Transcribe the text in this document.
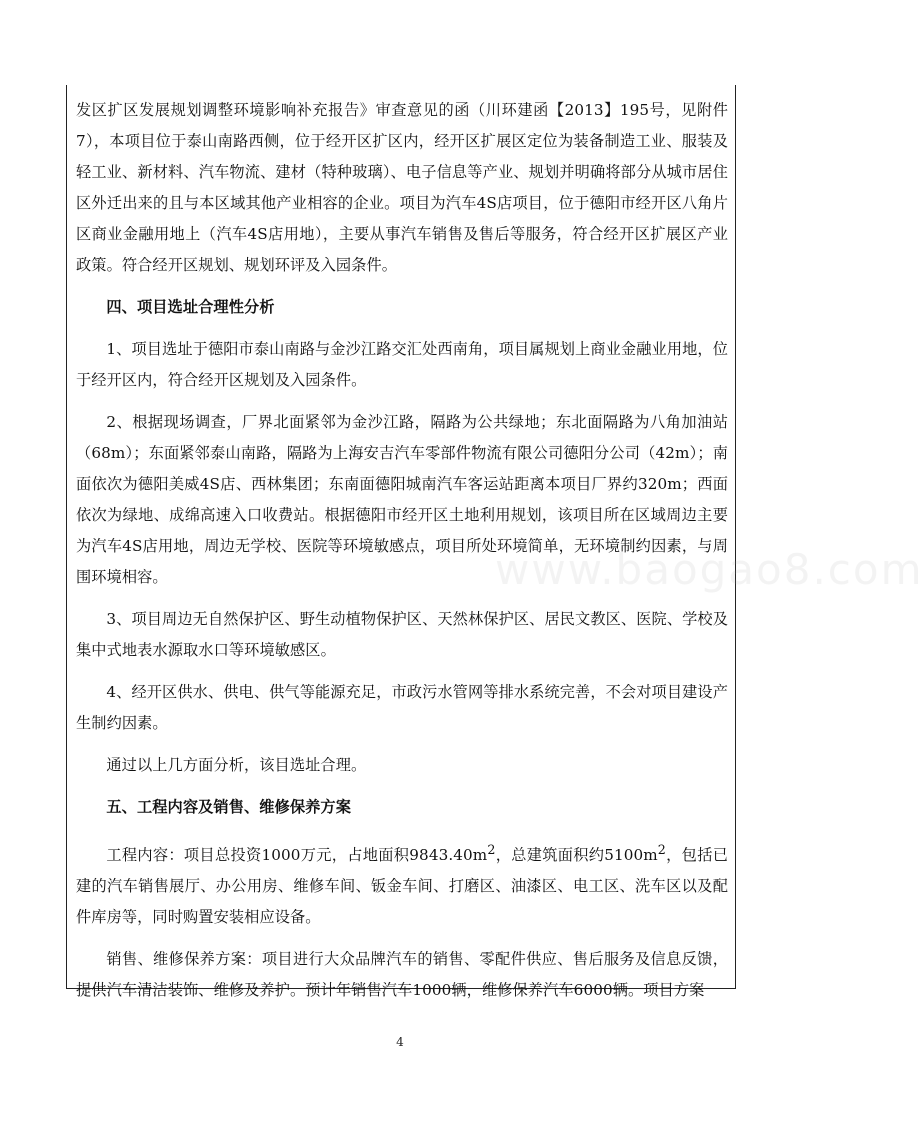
发区扩区发展规划调整环境影响补充报告》审查意见的函（川环建函【2013】195号，见附件7），本项目位于泰山南路西侧，位于经开区扩区内，经开区扩展区定位为装备制造工业、服装及轻工业、新材料、汽车物流、建材（特种玻璃）、电子信息等产业、规划并明确将部分从城市居住区外迁出来的且与本区域其他产业相容的企业。项目为汽车4S店项目，位于德阳市经开区八角片区商业金融用地上（汽车4S店用地），主要从事汽车销售及售后等服务，符合经开区扩展区产业政策。符合经开区规划、规划环评及入园条件。

四、项目选址合理性分析

1、项目选址于德阳市泰山南路与金沙江路交汇处西南角，项目属规划上商业金融业用地，位于经开区内，符合经开区规划及入园条件。

2、根据现场调查，厂界北面紧邻为金沙江路，隔路为公共绿地；东北面隔路为八角加油站（68m）；东面紧邻泰山南路，隔路为上海安吉汽车零部件物流有限公司德阳分公司（42m）；南面依次为德阳美威4S店、西林集团；东南面德阳城南汽车客运站距离本项目厂界约320m；西面依次为绿地、成绵高速入口收费站。根据德阳市经开区土地利用规划，该项目所在区域周边主要为汽车4S店用地，周边无学校、医院等环境敏感点，项目所处环境简单，无环境制约因素，与周围环境相容。

3、项目周边无自然保护区、野生动植物保护区、天然林保护区、居民文教区、医院、学校及集中式地表水源取水口等环境敏感区。

4、经开区供水、供电、供气等能源充足，市政污水管网等排水系统完善，不会对项目建设产生制约因素。

通过以上几方面分析，该目选址合理。

五、工程内容及销售、维修保养方案

工程内容：项目总投资1000万元，占地面积$9843.40m^2$，总建筑面积约$5100m^2$，包括已建的汽车销售展厅、办公用房、维修车间、钣金车间、打磨区、油漆区、电工区、洗车区以及配件库房等，同时购置安装相应设备。

销售、维修保养方案：项目进行大众品牌汽车的销售、零配件供应、售后服务及信息反馈，提供汽车清洁装饰、维修及养护。预计年销售汽车1000辆，维修保养汽车6000辆。项目方案

www.baogao8.com
4
